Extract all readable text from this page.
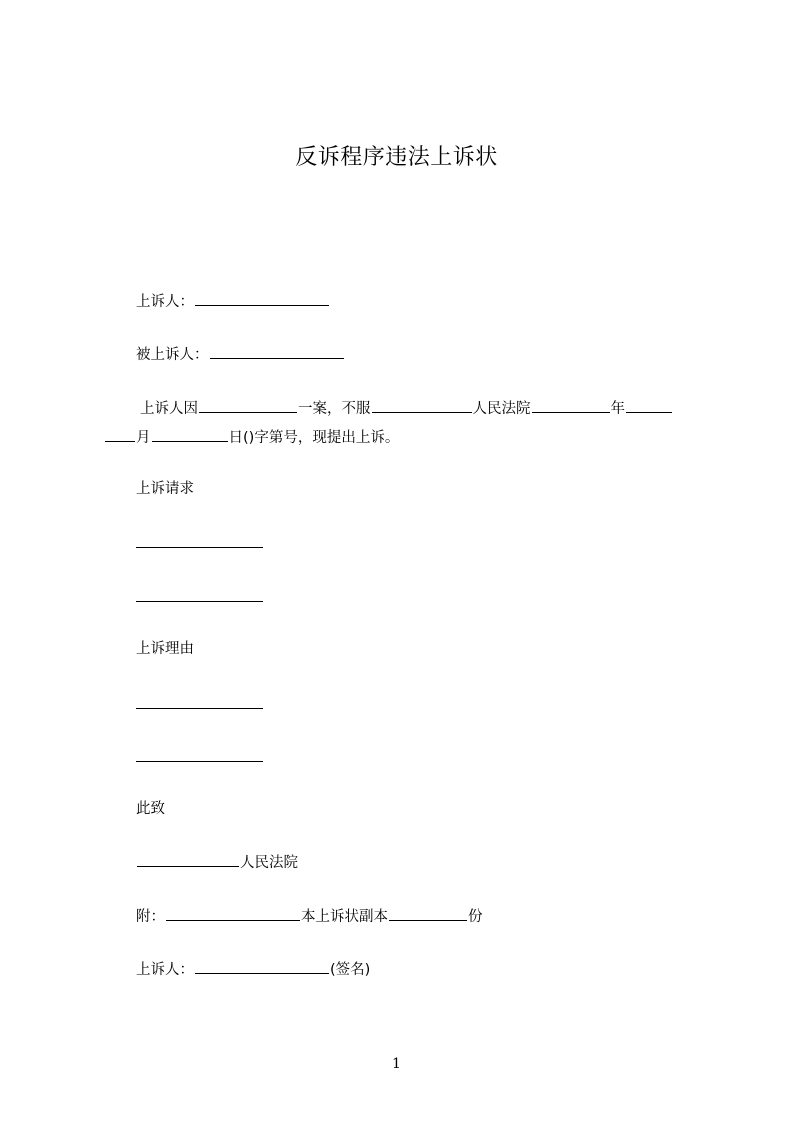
反诉程序违法上诉状
上诉人：
被上诉人：
上诉人因	一案，不服	人民法院	年
月	日()字第号，现提出上诉。
上诉请求
上诉理由
此致
人民法院
附：	本上诉状副本	份
上诉人：	(签名)
1
